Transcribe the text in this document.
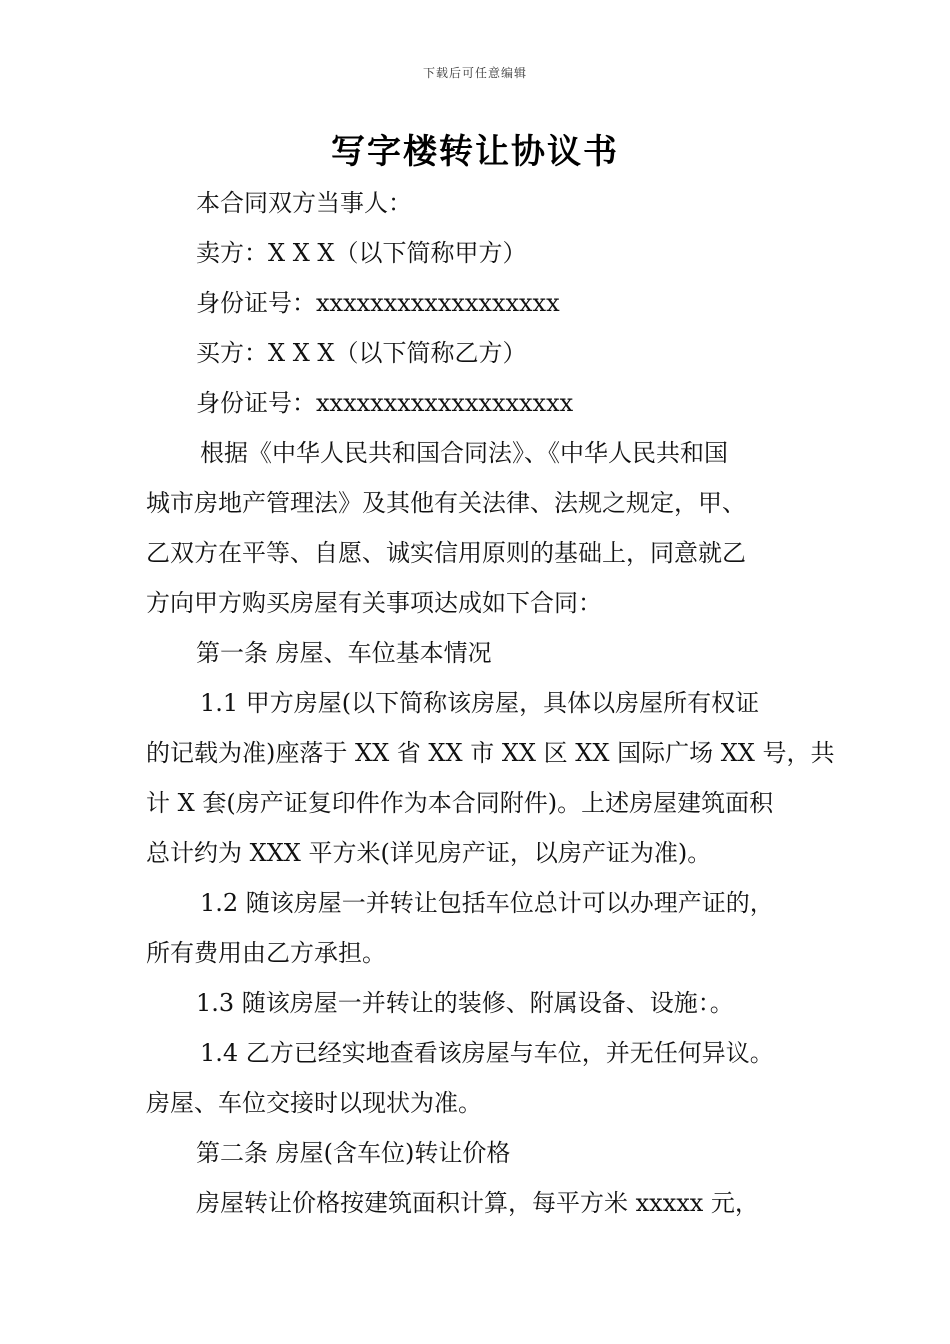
下载后可任意编辑
写字楼转让协议书
本合同双方当事人：
卖方：X X X（以下简称甲方）
身份证号：xxxxxxxxxxxxxxxxxx
买方：X X X（以下简称乙方）
身份证号：xxxxxxxxxxxxxxxxxxx
根据《中华人民共和国合同法》、《中华人民共和国
城市房地产管理法》及其他有关法律、法规之规定，甲、
乙双方在平等、自愿、诚实信用原则的基础上，同意就乙
方向甲方购买房屋有关事项达成如下合同：
第一条 房屋、车位基本情况
1.1 甲方房屋(以下简称该房屋，具体以房屋所有权证
的记载为准)座落于 XX 省 XX 市 XX 区 XX 国际广场 XX 号，共
计 X 套(房产证复印件作为本合同附件)。上述房屋建筑面积
总计约为 XXX 平方米(详见房产证，以房产证为准)。
1.2 随该房屋一并转让包括车位总计可以办理产证的，
所有费用由乙方承担。
1.3 随该房屋一并转让的装修、附属设备、设施：。
1.4 乙方已经实地查看该房屋与车位，并无任何异议。
房屋、车位交接时以现状为准。
第二条 房屋(含车位)转让价格
房屋转让价格按建筑面积计算，每平方米 xxxxx 元，
